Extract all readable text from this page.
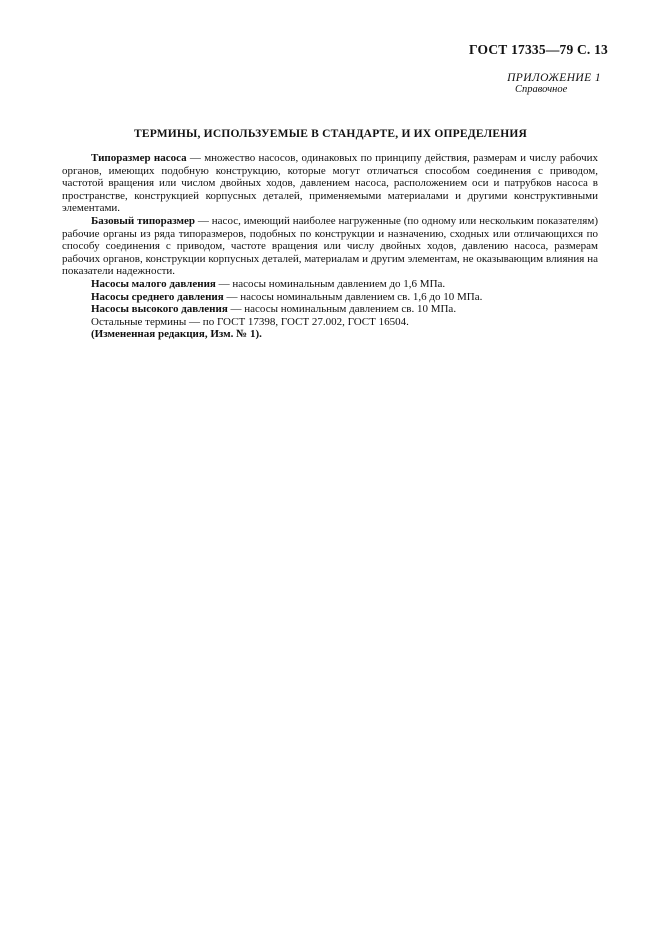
ГОСТ 17335—79 С. 13
ПРИЛОЖЕНИЕ 1
Справочное
ТЕРМИНЫ, ИСПОЛЬЗУЕМЫЕ В СТАНДАРТЕ, И ИХ ОПРЕДЕЛЕНИЯ

Типоразмер насоса — множество насосов, одинаковых по принципу действия, размерам и числу рабочих органов, имеющих подобную конструкцию, которые могут отличаться способом соединения с приводом, частотой вращения или числом двойных ходов, давлением насоса, расположением оси и патрубков насоса в пространстве, конструкцией корпусных деталей, применяемыми материалами и другими конструктивными элементами.

Базовый типоразмер — насос, имеющий наиболее нагруженные (по одному или нескольким показателям) рабочие органы из ряда типоразмеров, подобных по конструкции и назначению, сходных или отличающихся по способу соединения с приводом, частоте вращения или числу двойных ходов, давлению насоса, размерам рабочих органов, конструкции корпусных деталей, материалам и другим элементам, не оказывающим влияния на показатели надежности.

Насосы малого давления — насосы номинальным давлением до 1,6 МПа.

Насосы среднего давления — насосы номинальным давлением св. 1,6 до 10 МПа.

Насосы высокого давления — насосы номинальным давлением св. 10 МПа.

Остальные термины — по ГОСТ 17398, ГОСТ 27.002, ГОСТ 16504.

(Измененная редакция, Изм. № 1).
